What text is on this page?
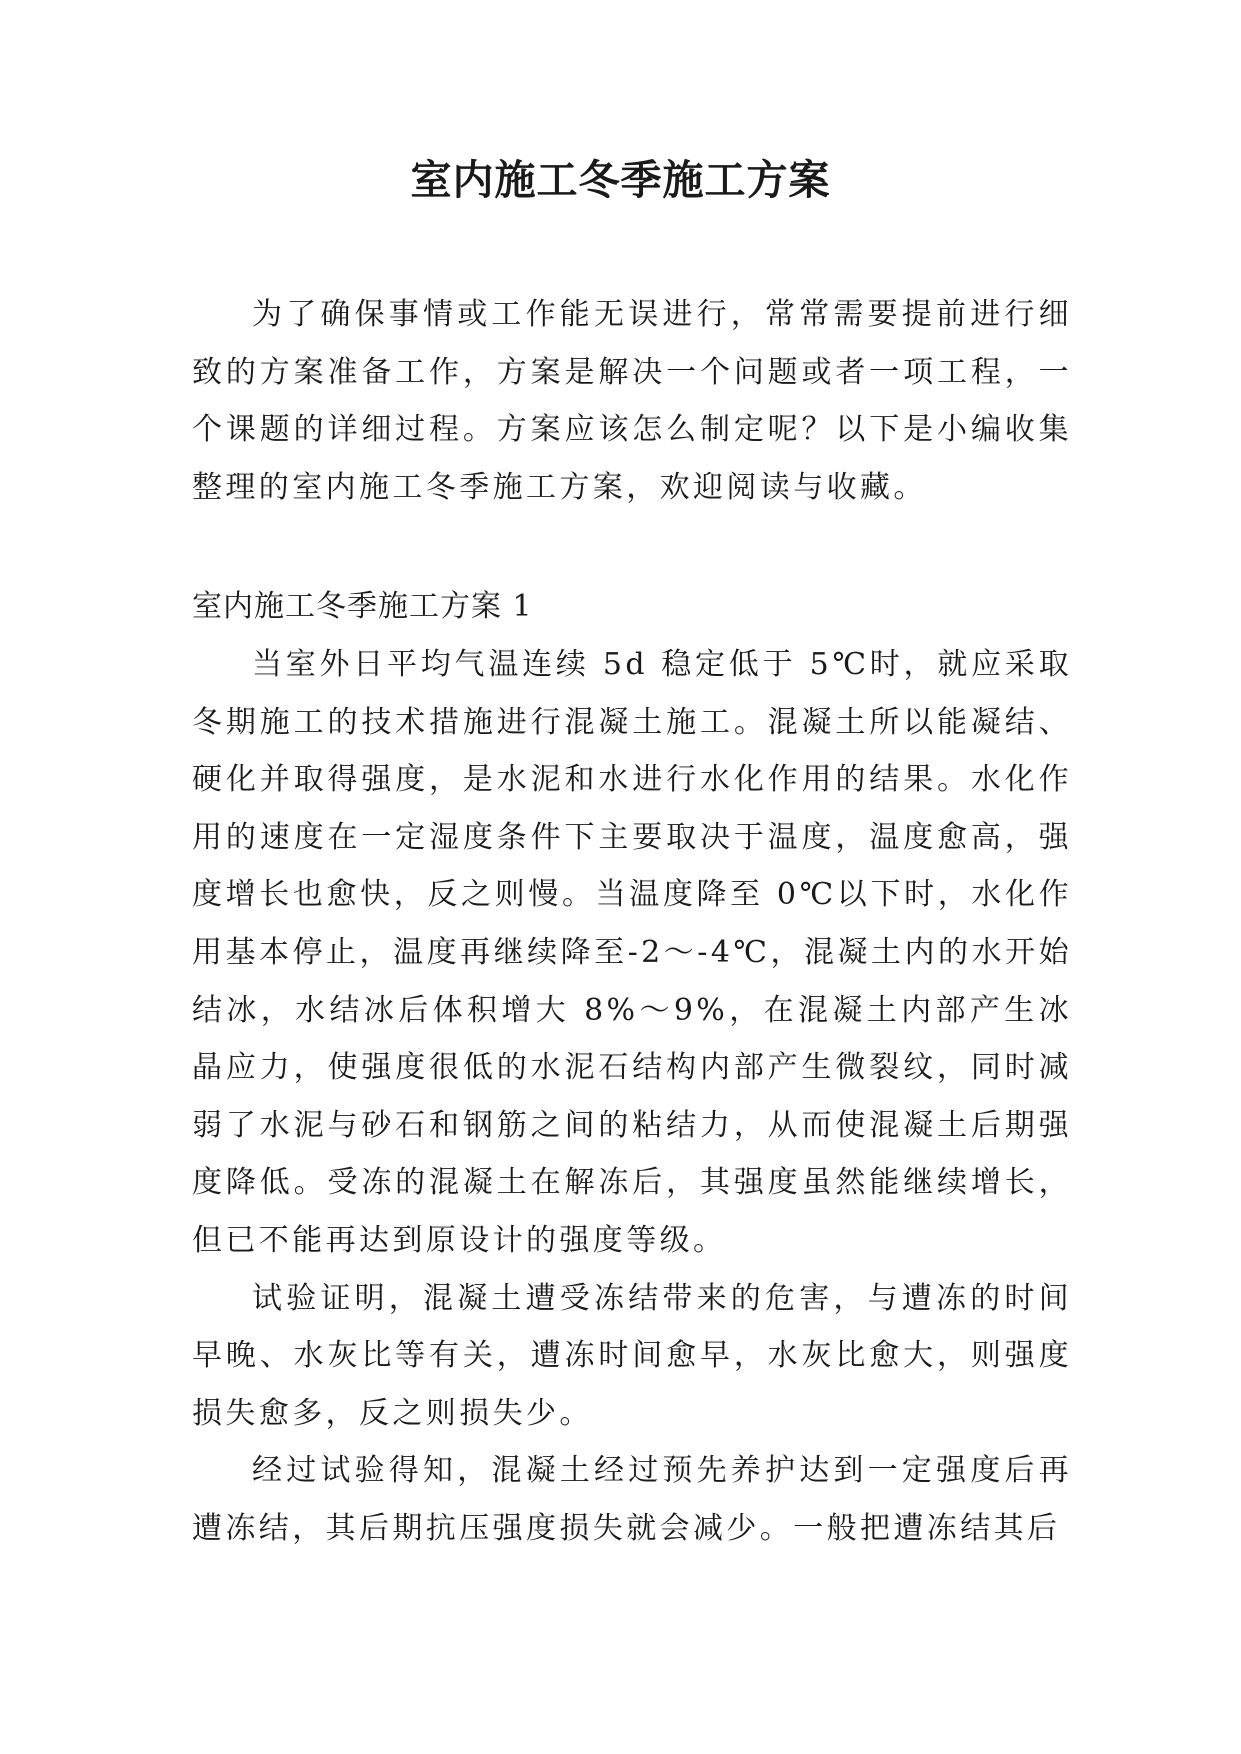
室内施工冬季施工方案

为了确保事情或工作能无误进行，常常需要提前进行细致的方案准备工作，方案是解决一个问题或者一项工程，一个课题的详细过程。方案应该怎么制定呢？以下是小编收集整理的室内施工冬季施工方案，欢迎阅读与收藏。

室内施工冬季施工方案 1

当室外日平均气温连续 5d 稳定低于 5℃时，就应采取冬期施工的技术措施进行混凝土施工。混凝土所以能凝结、硬化并取得强度，是水泥和水进行水化作用的结果。水化作用的速度在一定湿度条件下主要取决于温度，温度愈高，强度增长也愈快，反之则慢。当温度降至 0℃以下时，水化作用基本停止，温度再继续降至-2～-4℃，混凝土内的水开始结冰，水结冰后体积增大 8%～9%，在混凝土内部产生冰晶应力，使强度很低的水泥石结构内部产生微裂纹，同时减弱了水泥与砂石和钢筋之间的粘结力，从而使混凝土后期强度降低。受冻的混凝土在解冻后，其强度虽然能继续增长，但已不能再达到原设计的强度等级。

试验证明，混凝土遭受冻结带来的危害，与遭冻的时间早晚、水灰比等有关，遭冻时间愈早，水灰比愈大，则强度损失愈多，反之则损失少。

经过试验得知，混凝土经过预先养护达到一定强度后再遭冻结，其后期抗压强度损失就会减少。一般把遭冻结其后
